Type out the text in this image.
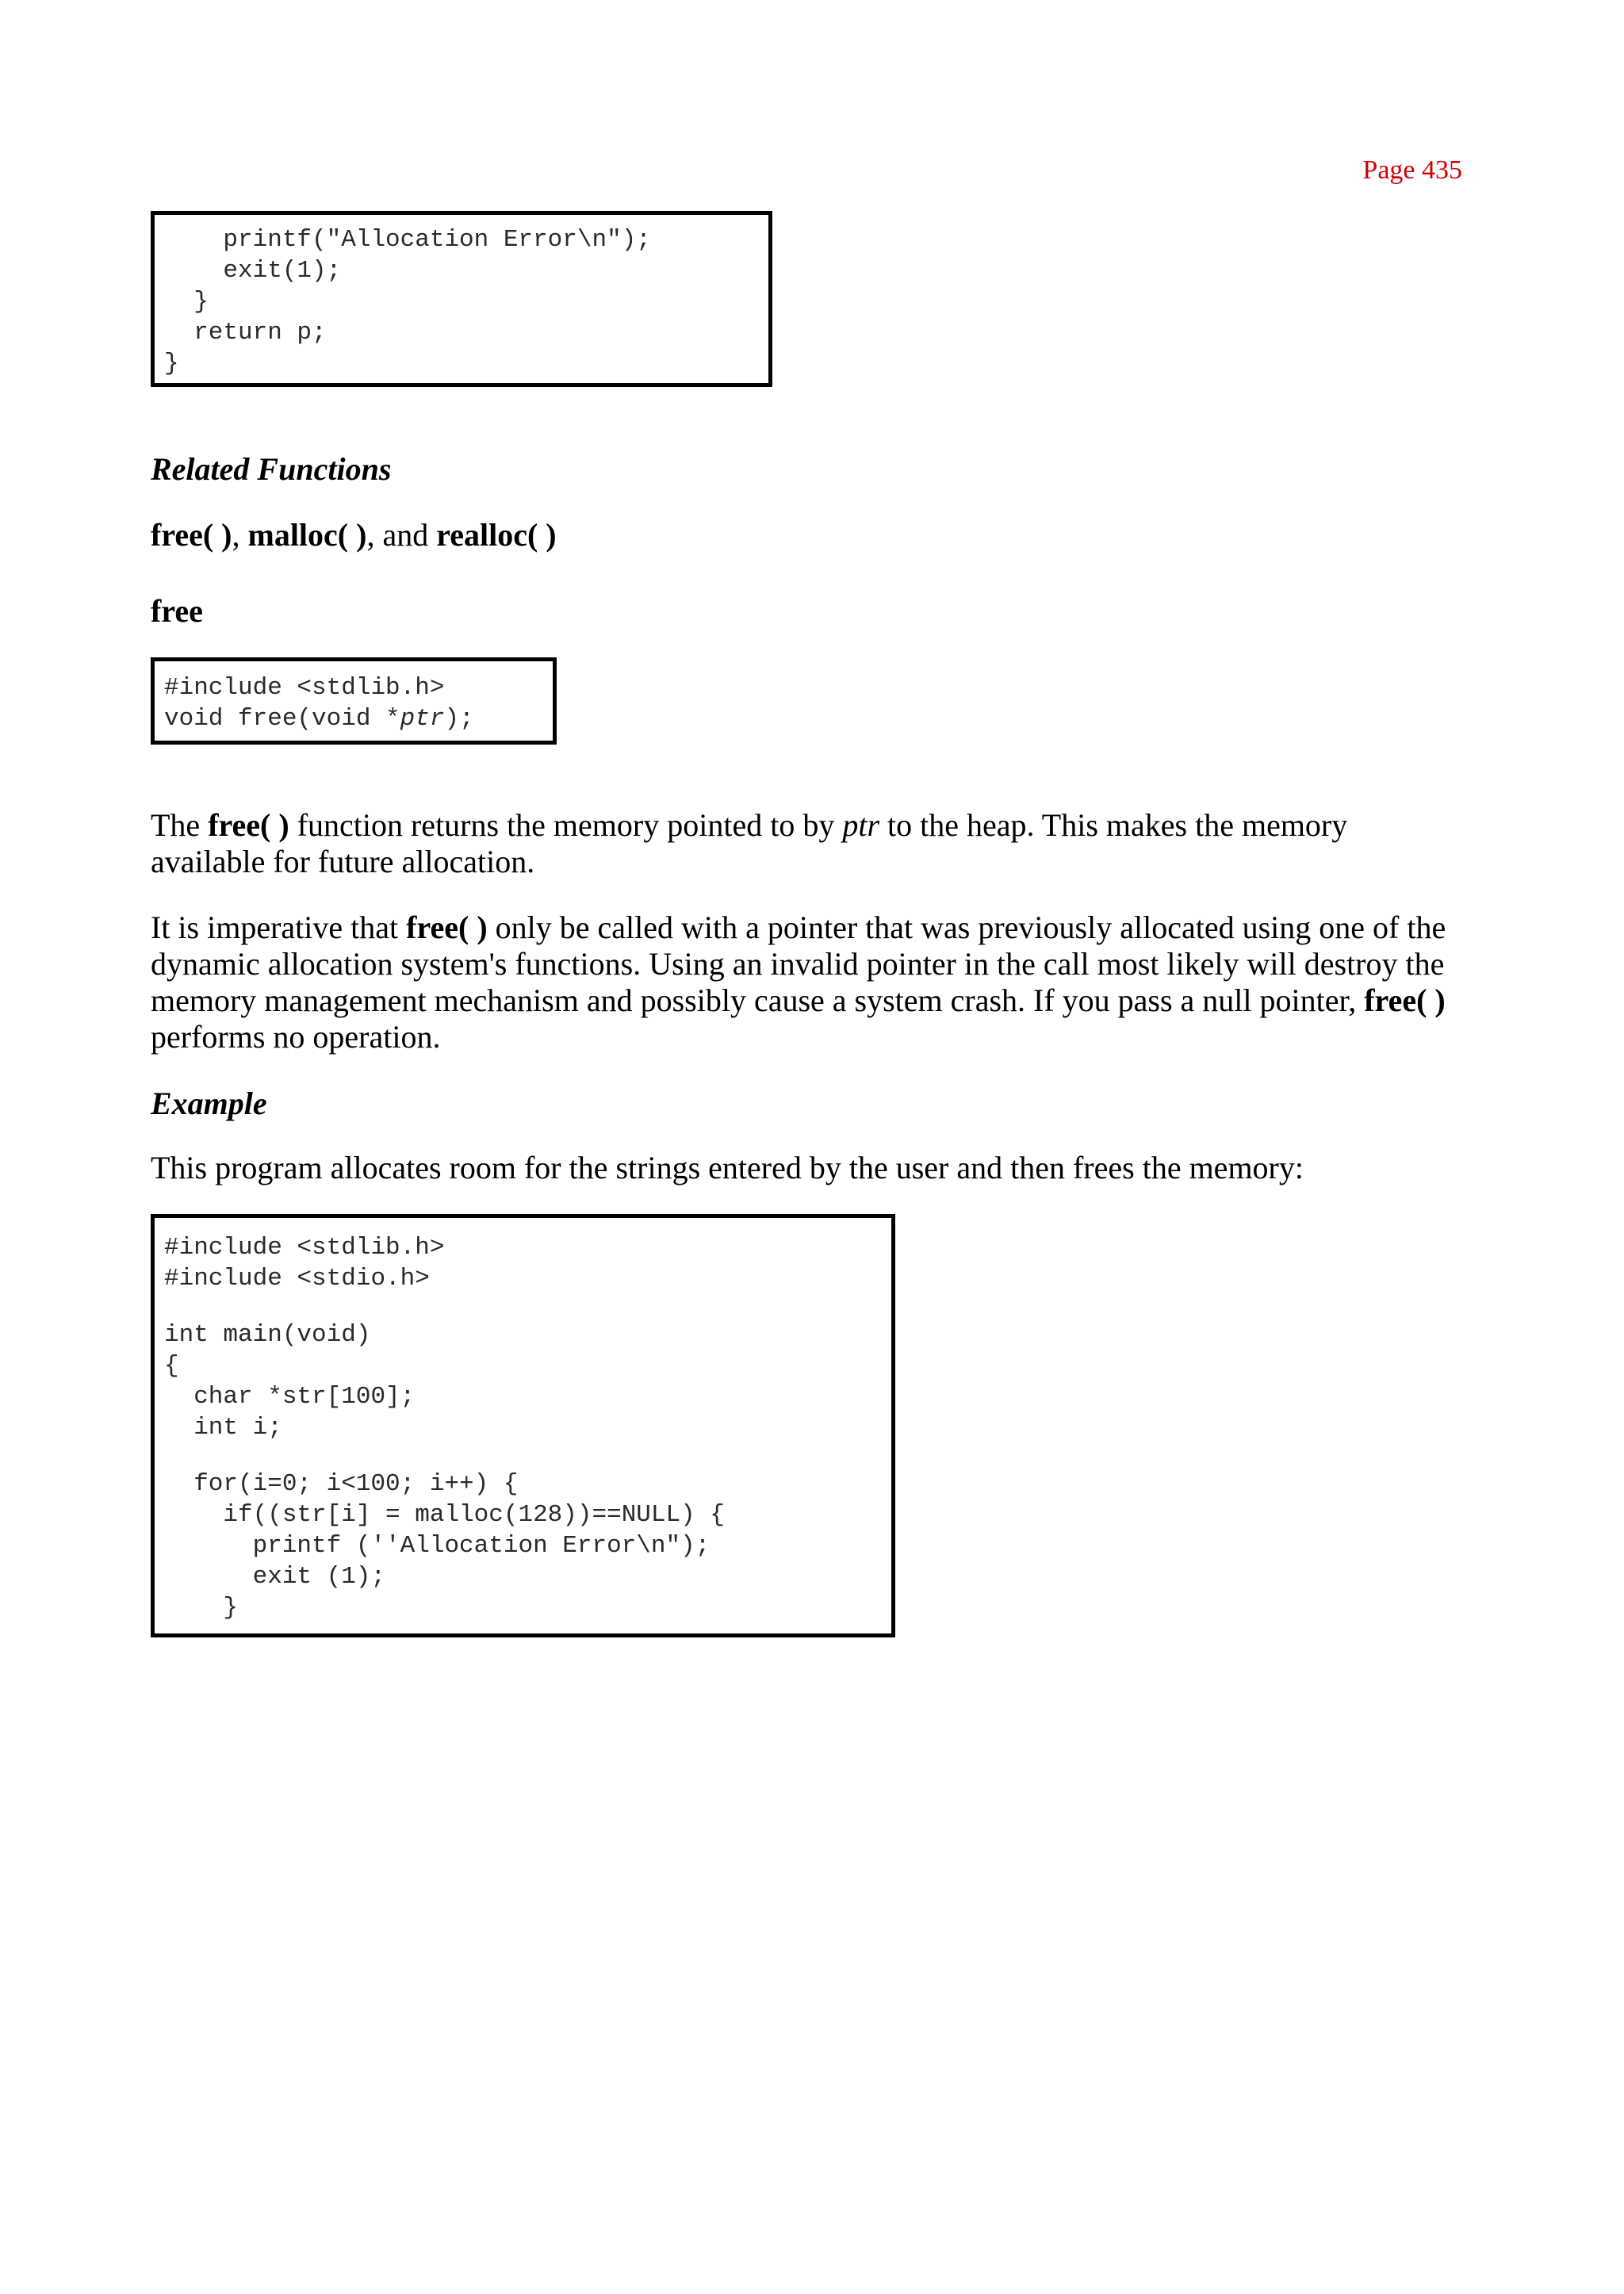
Page 435
printf("Allocation Error\n");
exit(1);
}
return p;
}
Related Functions
free( ), malloc( ), and realloc( )
free
#include <stdlib.h>
void free(void *ptr);
The free( ) function returns the memory pointed to by ptr to the heap. This makes the memory available for future allocation.
It is imperative that free( ) only be called with a pointer that was previously allocated using one of the dynamic allocation system's functions. Using an invalid pointer in the call most likely will destroy the memory management mechanism and possibly cause a system crash. If you pass a null pointer, free( ) performs no operation.
Example
This program allocates room for the strings entered by the user and then frees the memory:
#include <stdlib.h>
#include <stdio.h>
int main(void)
{
char *str[100];
int i;
for(i=0; i<100; i++) {
if((str[i] = malloc(128))==NULL) {
printf (''Allocation Error\n");
exit (1);
}
